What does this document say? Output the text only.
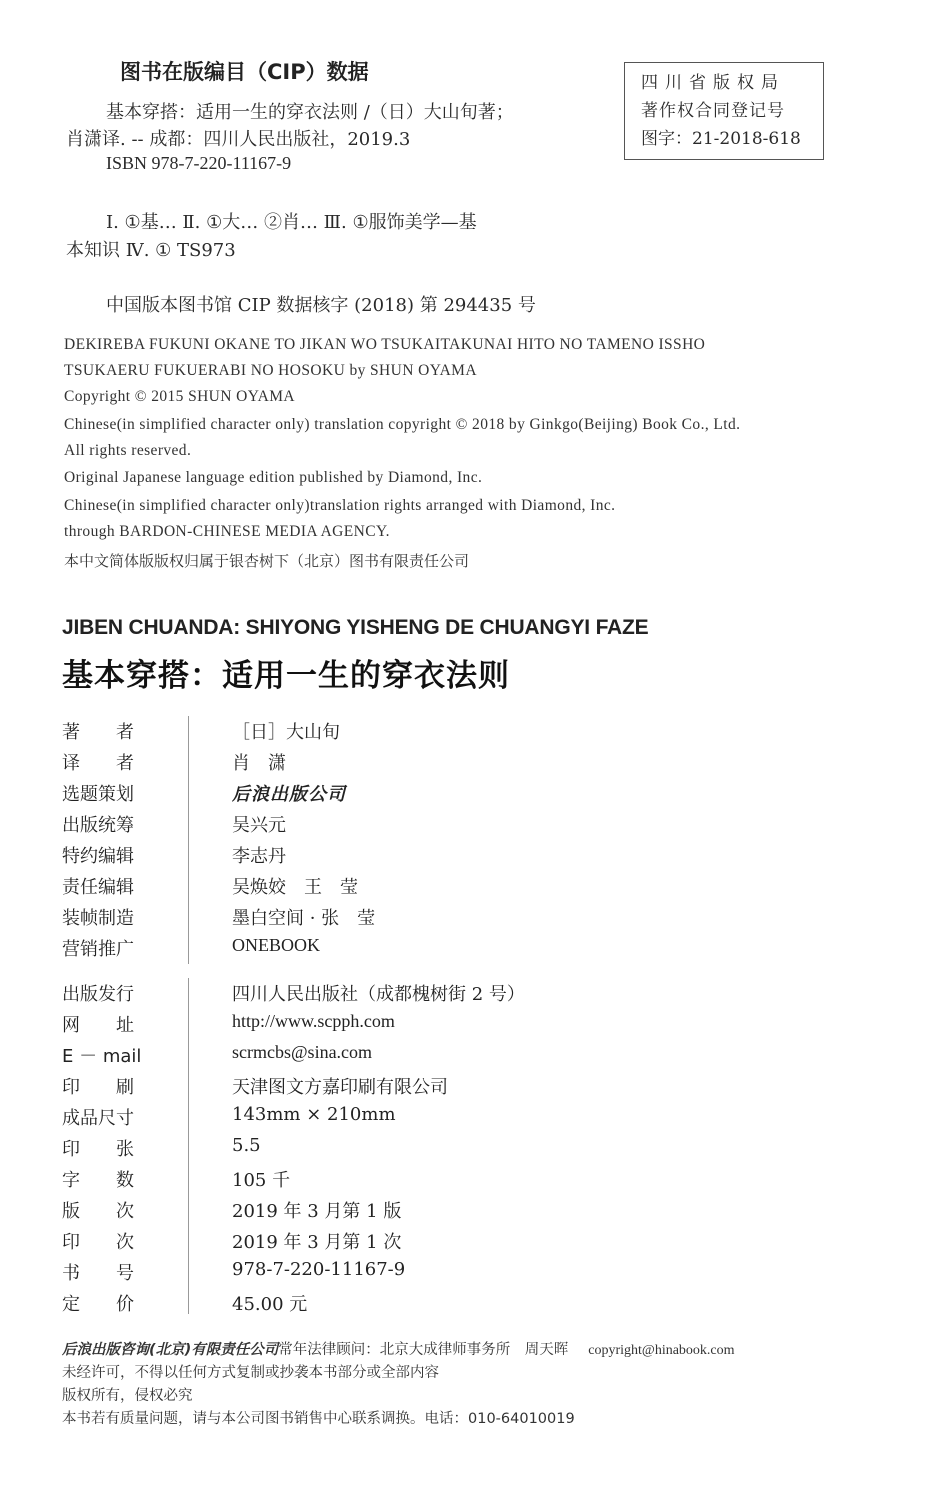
图书在版编目（CIP）数据
基本穿搭：适用一生的穿衣法则 /（日）大山旬著；
肖潇译. -- 成都：四川人民出版社，2019.3
ISBN 978-7-220-11167-9
Ⅰ. ①基… Ⅱ. ①大… ②肖… Ⅲ. ①服饰美学—基
本知识 Ⅳ. ① TS973
中国版本图书馆 CIP 数据核字 (2018) 第 294435 号
四川省版权局
著作权合同登记号
图字：21-2018-618
DEKIREBA FUKUNI OKANE TO JIKAN WO TSUKAITAKUNAI HITO NO TAMENO ISSHO
TSUKAERU FUKUERABI NO HOSOKU by SHUN OYAMA
Copyright © 2015 SHUN OYAMA
Chinese(in simplified character only) translation copyright © 2018 by Ginkgo(Beijing) Book Co., Ltd.
All rights reserved.
Original Japanese language edition published by Diamond, Inc.
Chinese(in simplified character only)translation rights arranged with Diamond, Inc.
through BARDON-CHINESE MEDIA AGENCY.
本中文简体版版权归属于银杏树下（北京）图书有限责任公司
JIBEN CHUANDA: SHIYONG YISHENG DE CHUANGYI FAZE
基本穿搭：适用一生的穿衣法则
著　　者	［日］大山旬
译　　者	肖　潇
选题策划	后浪出版公司
出版统筹	吴兴元
特约编辑	李志丹
责任编辑	吴焕姣　王　莹
装帧制造	墨白空间 · 张　莹
营销推广	ONEBOOK
出版发行	四川人民出版社（成都槐树街 2 号）
网　　址	http://www.scpph.com
E － mail	scrmcbs@sina.com
印　　刷	天津图文方嘉印刷有限公司
成品尺寸	143mm × 210mm
印　　张	5.5
字　　数	105 千
版　　次	2019 年 3 月第 1 版
印　　次	2019 年 3 月第 1 次
书　　号	978-7-220-11167-9
定　　价	45.00 元
后浪出版咨询(北京)有限责任公司常年法律顾问：北京大成律师事务所　周天晖 copyright@hinabook.com
未经许可，不得以任何方式复制或抄袭本书部分或全部内容
版权所有，侵权必究
本书若有质量问题，请与本公司图书销售中心联系调换。电话：010-64010019
